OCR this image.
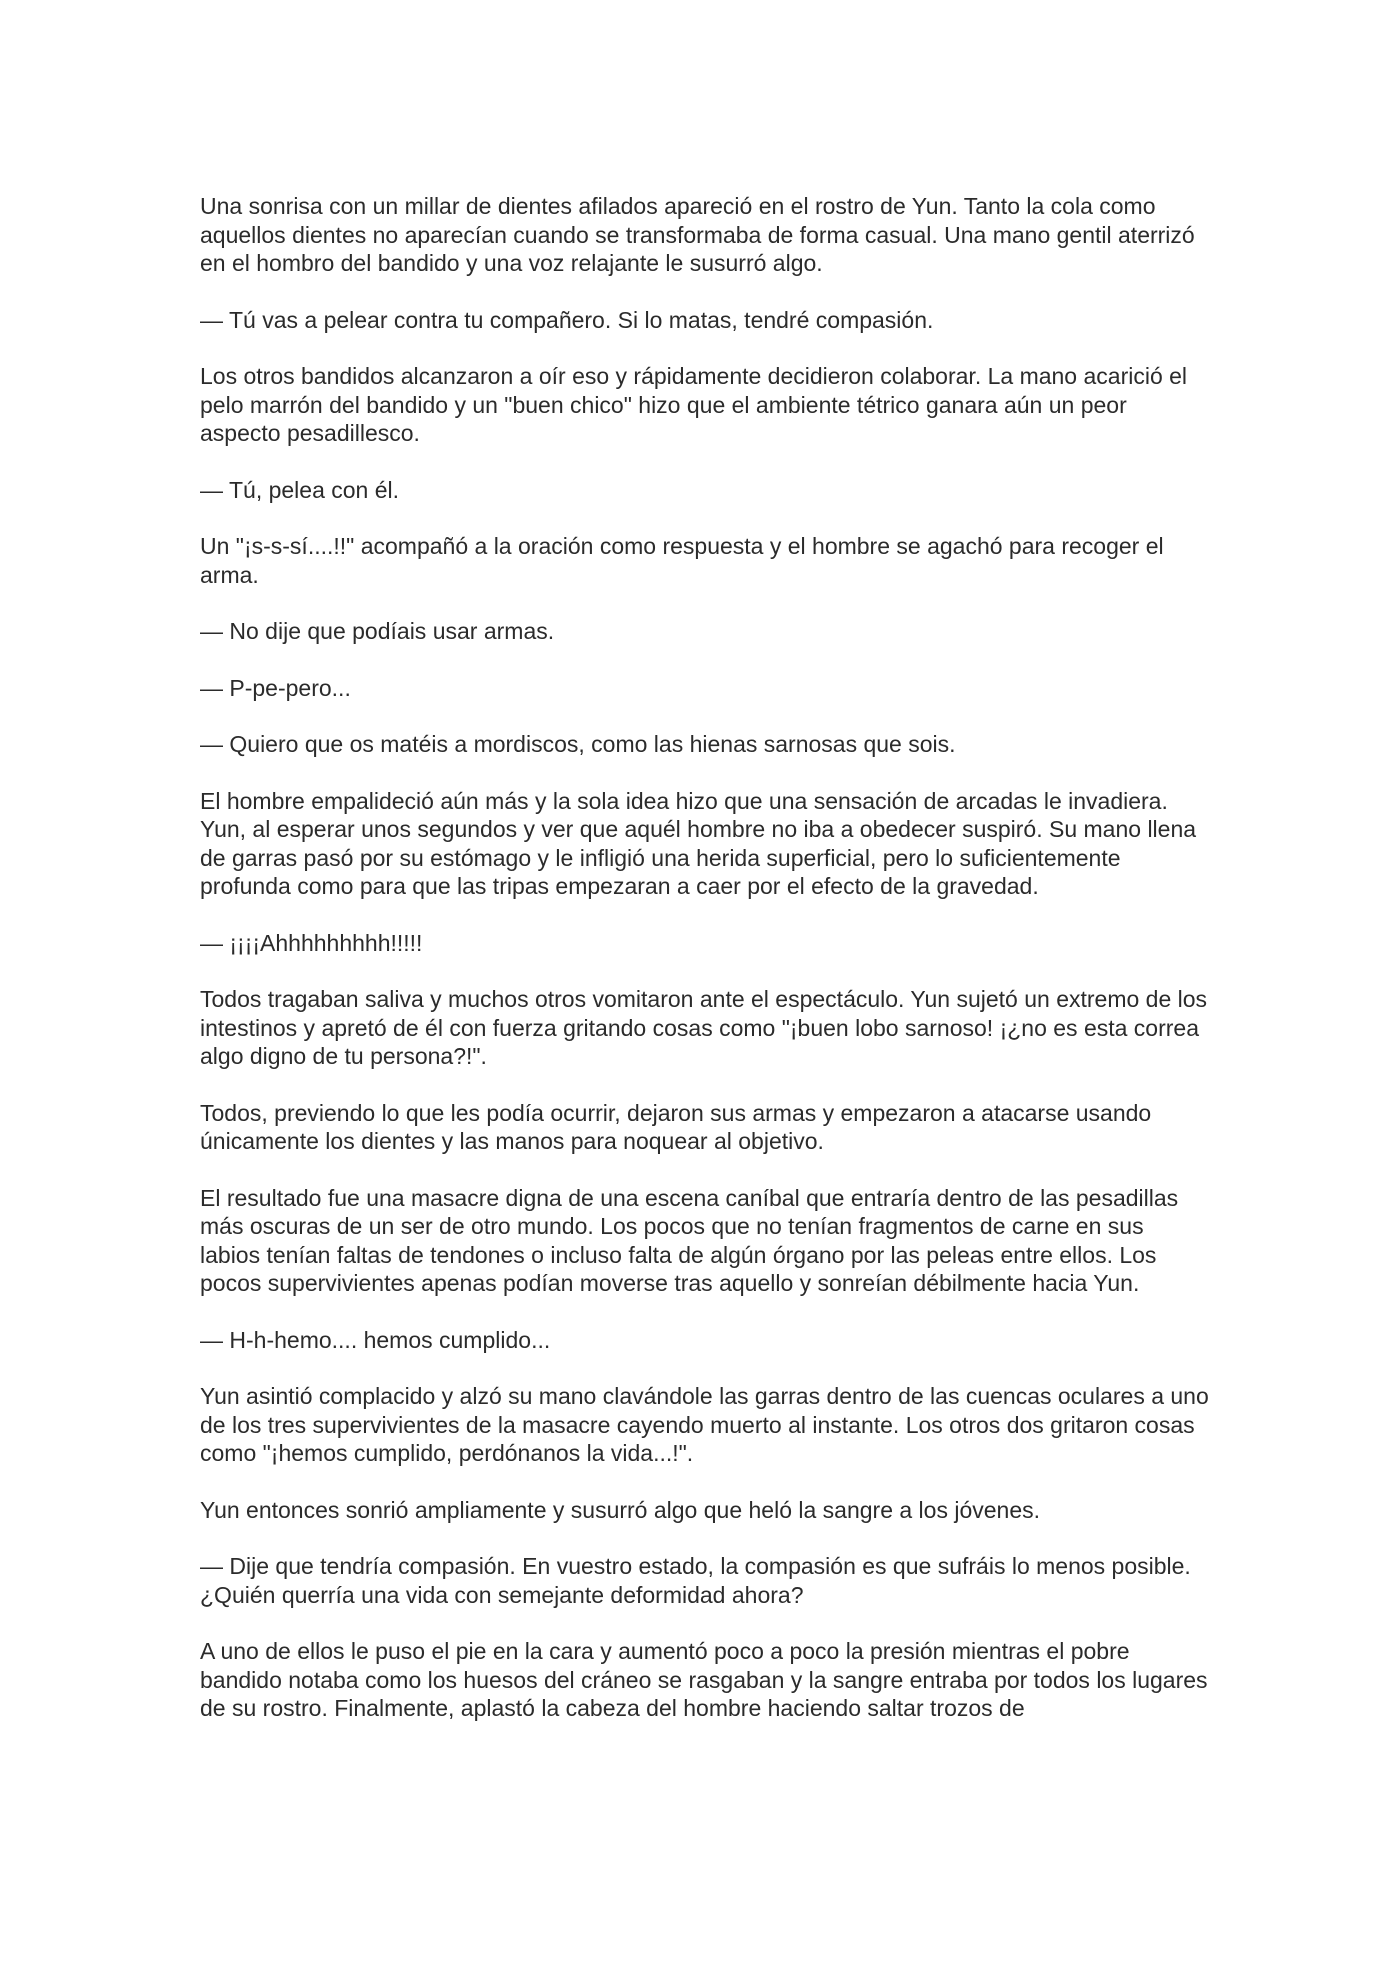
Una sonrisa con un millar de dientes afilados apareció en el rostro de Yun. Tanto la cola como aquellos dientes no aparecían cuando se transformaba de forma casual. Una mano gentil aterrizó en el hombro del bandido y una voz relajante le susurró algo.

— Tú vas a pelear contra tu compañero. Si lo matas, tendré compasión.

Los otros bandidos alcanzaron a oír eso y rápidamente decidieron colaborar. La mano acarició el pelo marrón del bandido y un "buen chico" hizo que el ambiente tétrico ganara aún un peor aspecto pesadillesco.

— Tú, pelea con él.

Un "¡s-s-sí....!!" acompañó a la oración como respuesta y el hombre se agachó para recoger el arma.

— No dije que podíais usar armas.

— P-pe-pero...

— Quiero que os matéis a mordiscos, como las hienas sarnosas que sois.

El hombre empalideció aún más y la sola idea hizo que una sensación de arcadas le invadiera. Yun, al esperar unos segundos y ver que aquél hombre no iba a obedecer suspiró. Su mano llena de garras pasó por su estómago y le infligió una herida superficial, pero lo suficientemente profunda como para que las tripas empezaran a caer por el efecto de la gravedad.

— ¡¡¡¡Ahhhhhhhhh!!!!!

Todos tragaban saliva y muchos otros vomitaron ante el espectáculo. Yun sujetó un extremo de los intestinos y apretó de él con fuerza gritando cosas como "¡buen lobo sarnoso! ¡¿no es esta correa algo digno de tu persona?!".

Todos, previendo lo que les podía ocurrir, dejaron sus armas y empezaron a atacarse usando únicamente los dientes y las manos para noquear al objetivo.

El resultado fue una masacre digna de una escena caníbal que entraría dentro de las pesadillas más oscuras de un ser de otro mundo. Los pocos que no tenían fragmentos de carne en sus labios tenían faltas de tendones o incluso falta de algún órgano por las peleas entre ellos. Los pocos supervivientes apenas podían moverse tras aquello y sonreían débilmente hacia Yun.

— H-h-hemo.... hemos cumplido...

Yun asintió complacido y alzó su mano clavándole las garras dentro de las cuencas oculares a uno de los tres supervivientes de la masacre cayendo muerto al instante. Los otros dos gritaron cosas como "¡hemos cumplido, perdónanos la vida...!".

Yun entonces sonrió ampliamente y susurró algo que heló la sangre a los jóvenes.

— Dije que tendría compasión. En vuestro estado, la compasión es que sufráis lo menos posible. ¿Quién querría una vida con semejante deformidad ahora?

A uno de ellos le puso el pie en la cara y aumentó poco a poco la presión mientras el pobre bandido notaba como los huesos del cráneo se rasgaban y la sangre entraba por todos los lugares de su rostro. Finalmente, aplastó la cabeza del hombre haciendo saltar trozos de
